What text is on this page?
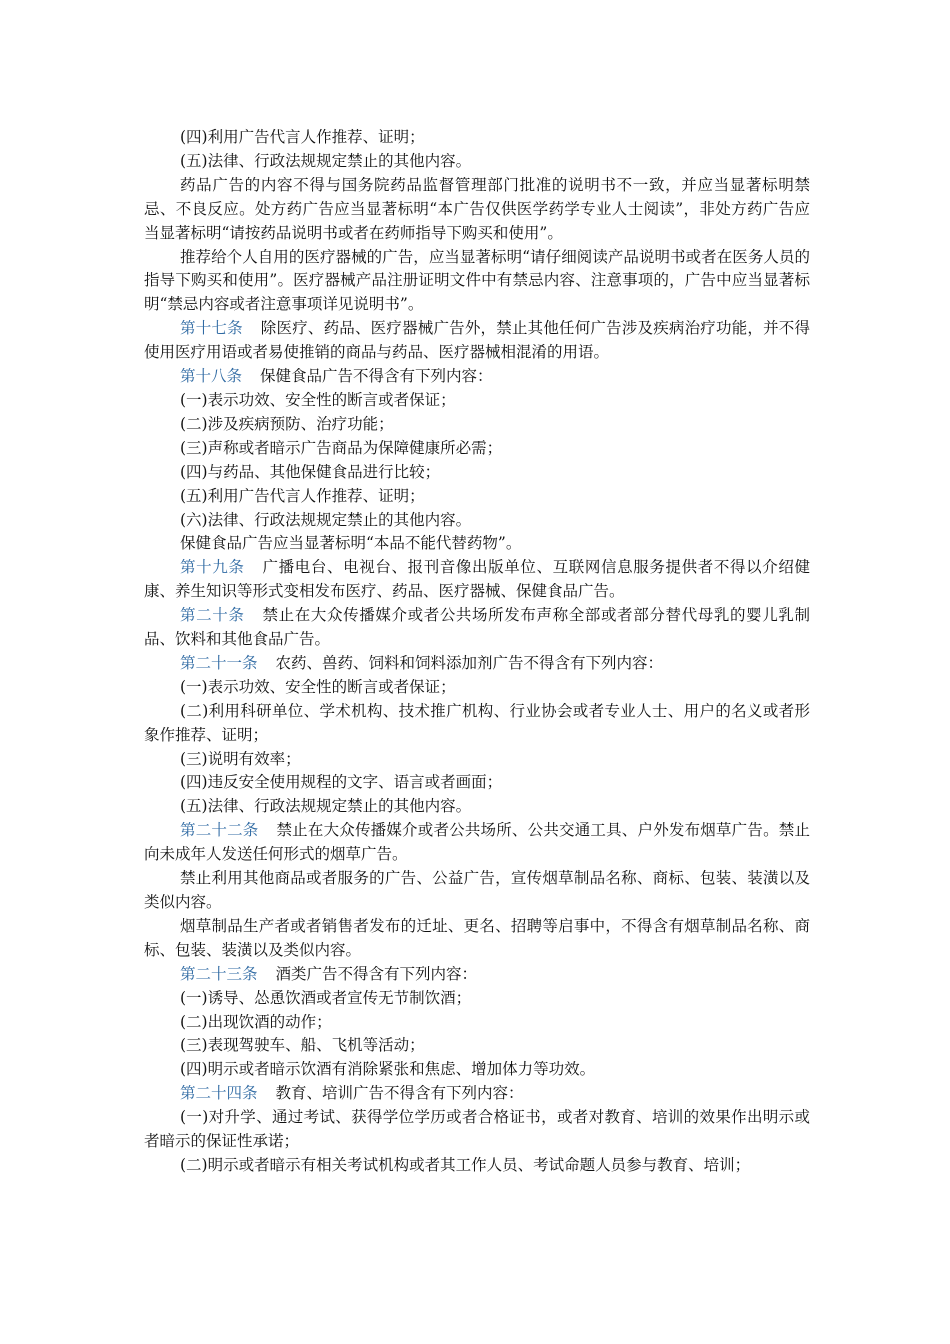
(四)利用广告代言人作推荐、证明；

(五)法律、行政法规规定禁止的其他内容。

药品广告的内容不得与国务院药品监督管理部门批准的说明书不一致，并应当显著标明禁忌、不良反应。处方药广告应当显著标明“本广告仅供医学药学专业人士阅读”，非处方药广告应当显著标明“请按药品说明书或者在药师指导下购买和使用”。

推荐给个人自用的医疗器械的广告，应当显著标明“请仔细阅读产品说明书或者在医务人员的指导下购买和使用”。医疗器械产品注册证明文件中有禁忌内容、注意事项的，广告中应当显著标明“禁忌内容或者注意事项详见说明书”。

第十七条 除医疗、药品、医疗器械广告外，禁止其他任何广告涉及疾病治疗功能，并不得使用医疗用语或者易使推销的商品与药品、医疗器械相混淆的用语。

第十八条 保健食品广告不得含有下列内容：

(一)表示功效、安全性的断言或者保证；

(二)涉及疾病预防、治疗功能；

(三)声称或者暗示广告商品为保障健康所必需；

(四)与药品、其他保健食品进行比较；

(五)利用广告代言人作推荐、证明；

(六)法律、行政法规规定禁止的其他内容。

保健食品广告应当显著标明“本品不能代替药物”。

第十九条 广播电台、电视台、报刊音像出版单位、互联网信息服务提供者不得以介绍健康、养生知识等形式变相发布医疗、药品、医疗器械、保健食品广告。

第二十条 禁止在大众传播媒介或者公共场所发布声称全部或者部分替代母乳的婴儿乳制品、饮料和其他食品广告。

第二十一条 农药、兽药、饲料和饲料添加剂广告不得含有下列内容：

(一)表示功效、安全性的断言或者保证；

(二)利用科研单位、学术机构、技术推广机构、行业协会或者专业人士、用户的名义或者形象作推荐、证明；

(三)说明有效率；

(四)违反安全使用规程的文字、语言或者画面；

(五)法律、行政法规规定禁止的其他内容。

第二十二条 禁止在大众传播媒介或者公共场所、公共交通工具、户外发布烟草广告。禁止向未成年人发送任何形式的烟草广告。

禁止利用其他商品或者服务的广告、公益广告，宣传烟草制品名称、商标、包装、装潢以及类似内容。

烟草制品生产者或者销售者发布的迁址、更名、招聘等启事中，不得含有烟草制品名称、商标、包装、装潢以及类似内容。

第二十三条 酒类广告不得含有下列内容：

(一)诱导、怂恿饮酒或者宣传无节制饮酒；

(二)出现饮酒的动作；

(三)表现驾驶车、船、飞机等活动；

(四)明示或者暗示饮酒有消除紧张和焦虑、增加体力等功效。

第二十四条 教育、培训广告不得含有下列内容：

(一)对升学、通过考试、获得学位学历或者合格证书，或者对教育、培训的效果作出明示或者暗示的保证性承诺；

(二)明示或者暗示有相关考试机构或者其工作人员、考试命题人员参与教育、培训；
